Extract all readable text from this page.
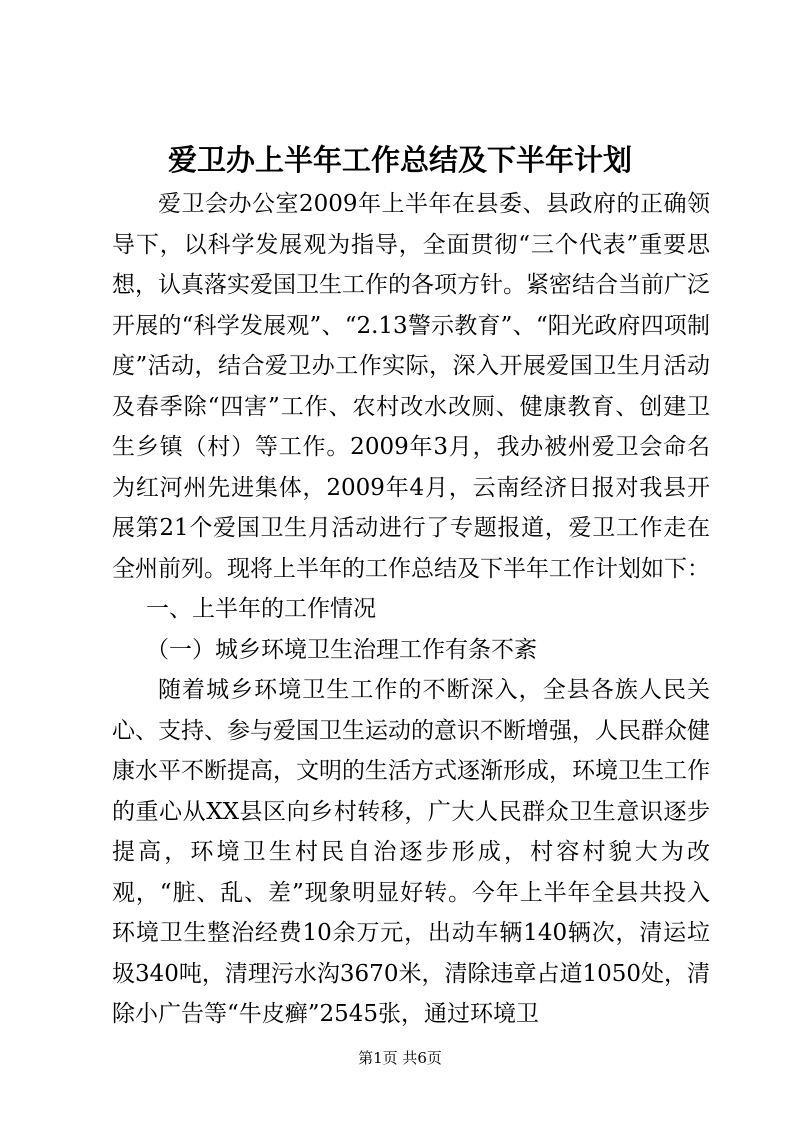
爱卫办上半年工作总结及下半年计划

爱卫会办公室2009年上半年在县委、县政府的正确领导下，以科学发展观为指导，全面贯彻“三个代表”重要思想，认真落实爱国卫生工作的各项方针。紧密结合当前广泛开展的“科学发展观”、“2.13警示教育”、“阳光政府四项制度”活动，结合爱卫办工作实际，深入开展爱国卫生月活动及春季除“四害”工作、农村改水改厕、健康教育、创建卫生乡镇（村）等工作。2009年3月，我办被州爱卫会命名为红河州先进集体，2009年4月，云南经济日报对我县开展第21个爱国卫生月活动进行了专题报道，爱卫工作走在全州前列。现将上半年的工作总结及下半年工作计划如下：

一、上半年的工作情况

（一）城乡环境卫生治理工作有条不紊

随着城乡环境卫生工作的不断深入，全县各族人民关心、支持、参与爱国卫生运动的意识不断增强，人民群众健康水平不断提高，文明的生活方式逐渐形成，环境卫生工作的重心从XX县区向乡村转移，广大人民群众卫生意识逐步提高，环境卫生村民自治逐步形成，村容村貌大为改观，“脏、乱、差”现象明显好转。今年上半年全县共投入环境卫生整治经费10余万元，出动车辆140辆次，清运垃圾340吨，清理污水沟3670米，清除违章占道1050处，清除小广告等“牛皮癣”2545张，通过环境卫

第1页 共6页
